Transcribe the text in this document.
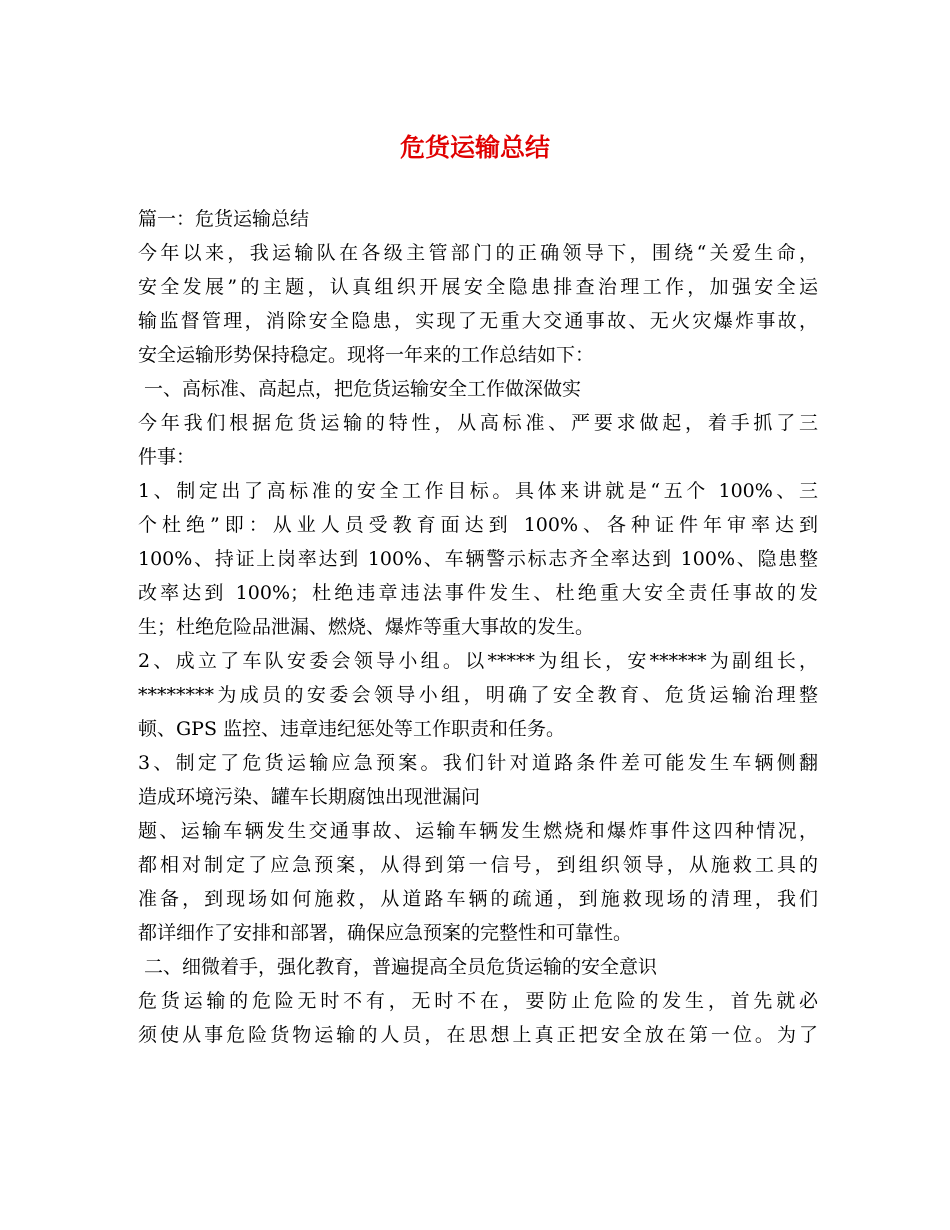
危货运输总结
篇一：危货运输总结
今年以来，我运输队在各级主管部门的正确领导下，围绕“关爱生命，
安全发展”的主题，认真组织开展安全隐患排查治理工作，加强安全运
输监督管理，消除安全隐患，实现了无重大交通事故、无火灾爆炸事故，
安全运输形势保持稳定。现将一年来的工作总结如下：
一、高标准、高起点，把危货运输安全工作做深做实
今年我们根据危货运输的特性，从高标准、严要求做起，着手抓了三
件事：
1、制定出了高标准的安全工作目标。具体来讲就是“五个 100%、三
个杜绝”即：从业人员受教育面达到 100%、各种证件年审率达到
100%、持证上岗率达到 100%、车辆警示标志齐全率达到 100%、隐患整
改率达到 100%；杜绝违章违法事件发生、杜绝重大安全责任事故的发
生；杜绝危险品泄漏、燃烧、爆炸等重大事故的发生。
2、成立了车队安委会领导小组。以*****为组长，安******为副组长，
********为成员的安委会领导小组，明确了安全教育、危货运输治理整
顿、GPS 监控、违章违纪惩处等工作职责和任务。
3、制定了危货运输应急预案。我们针对道路条件差可能发生车辆侧翻
造成环境污染、罐车长期腐蚀出现泄漏问
题、运输车辆发生交通事故、运输车辆发生燃烧和爆炸事件这四种情况，
都相对制定了应急预案，从得到第一信号，到组织领导，从施救工具的
准备，到现场如何施救，从道路车辆的疏通，到施救现场的清理，我们
都详细作了安排和部署，确保应急预案的完整性和可靠性。
二、细微着手，强化教育，普遍提高全员危货运输的安全意识
危货运输的危险无时不有，无时不在，要防止危险的发生，首先就必
须使从事危险货物运输的人员，在思想上真正把安全放在第一位。为了
